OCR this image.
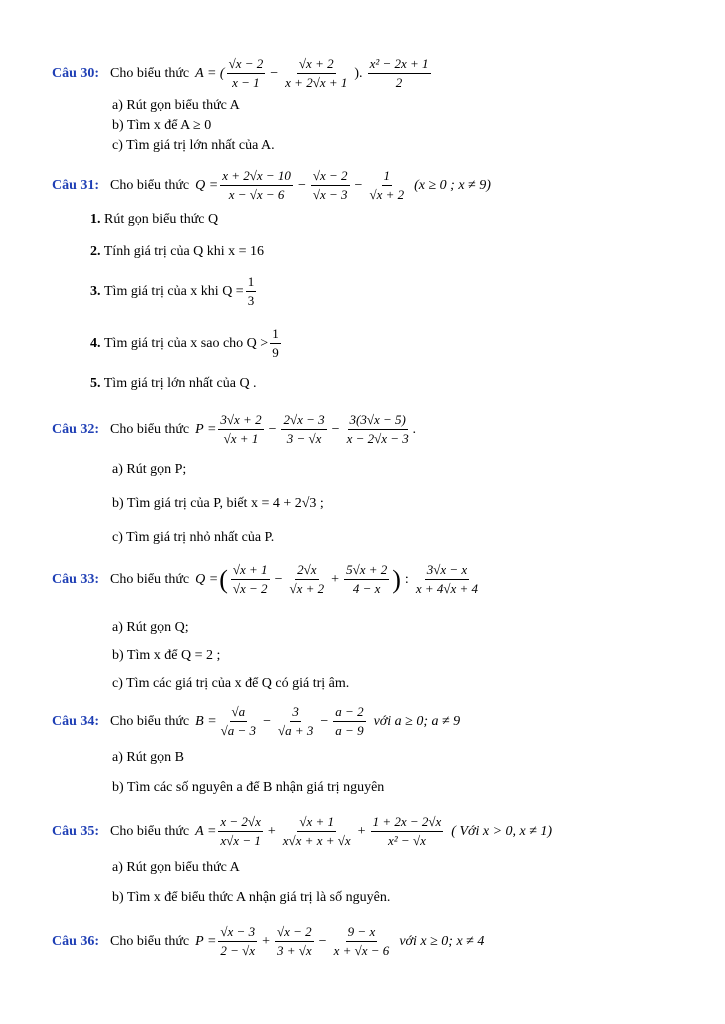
Câu 30: Cho biểu thức A = ( $\frac{√x - 2}{x - 1} - \frac{√x + 2}{x + 2√x + 1}$ ). $\frac{\text{x² − 2x + 1}}{2}$
a) Rút gọn biểu thức A
b) Tìm x để A ≥ 0
c) Tìm giá trị lớn nhất của A.
Câu 31: Cho biểu thức $Q = \frac{x + 2√x - 10}{x - √x - 6} - \frac{√x - 2}{√x - 3} - \frac{1}{√x + 2} (x \ge 0$ ; x ≠ 9)
1. Rút gọn biểu thức Q
2. Tính giá trị của Q khi x = 16
3.
Tìm giá trị của x khi $Q = \frac{1}{3}$
4.
Tìm giá trị của x sao cho $Q > \frac{1}{9}$
5. Tìm giá trị lớn nhất của Q .
Câu 32: Cho biểu thức $P = \frac{3√x + 2}{√x + 1} - \frac{2√x - 3}{3 - √x} - \frac{3(3√x - 5)}{x - 2√x - 3}$ .
a) Rút gọn P;
b) Tìm giá trị của P, biết x = 4 + 2√3 ;
c) Tìm giá trị nhỏ nhất của P.
Câu 33: Cho biểu thức Q = ( $\frac{√x + 1}{√x - 2} - \frac{2√x}{√x + 2} + \frac{5√x + 2}{4 - x}$ ) : $\frac{3√x - x}{x + 4√x + 4}$
a) Rút gọn Q;
b) Tìm x để Q = 2 ;
c) Tìm các giá trị của x để Q có giá trị âm.
Câu 34: Cho biểu thức $B = \frac{√a}{√a - 3} - \frac{3}{√a + 3} - \frac{a - 2}{a - 9}$ với a ≥ 0; a ≠ 9
a) Rút gọn B
b) Tìm các số nguyên a để B nhận giá trị nguyên
Câu 35: Cho biểu thức $A = \frac{x - 2√x}{x√x - 1} + \frac{√x + 1}{x√x + x + √x} + \frac{1 + 2x - 2√x}{\text{x² − √x}}$ ( Với x > 0, x ≠ 1)
a) Rút gọn biểu thức A
b) Tìm x để biểu thức A nhận giá trị là số nguyên.
Câu 36: Cho biểu thức $P = \frac{√x - 3}{2 - √x} + \frac{√x - 2}{3 + √x} - \frac{9 - x}{x + √x - 6}$ với x ≥ 0; x ≠ 4
